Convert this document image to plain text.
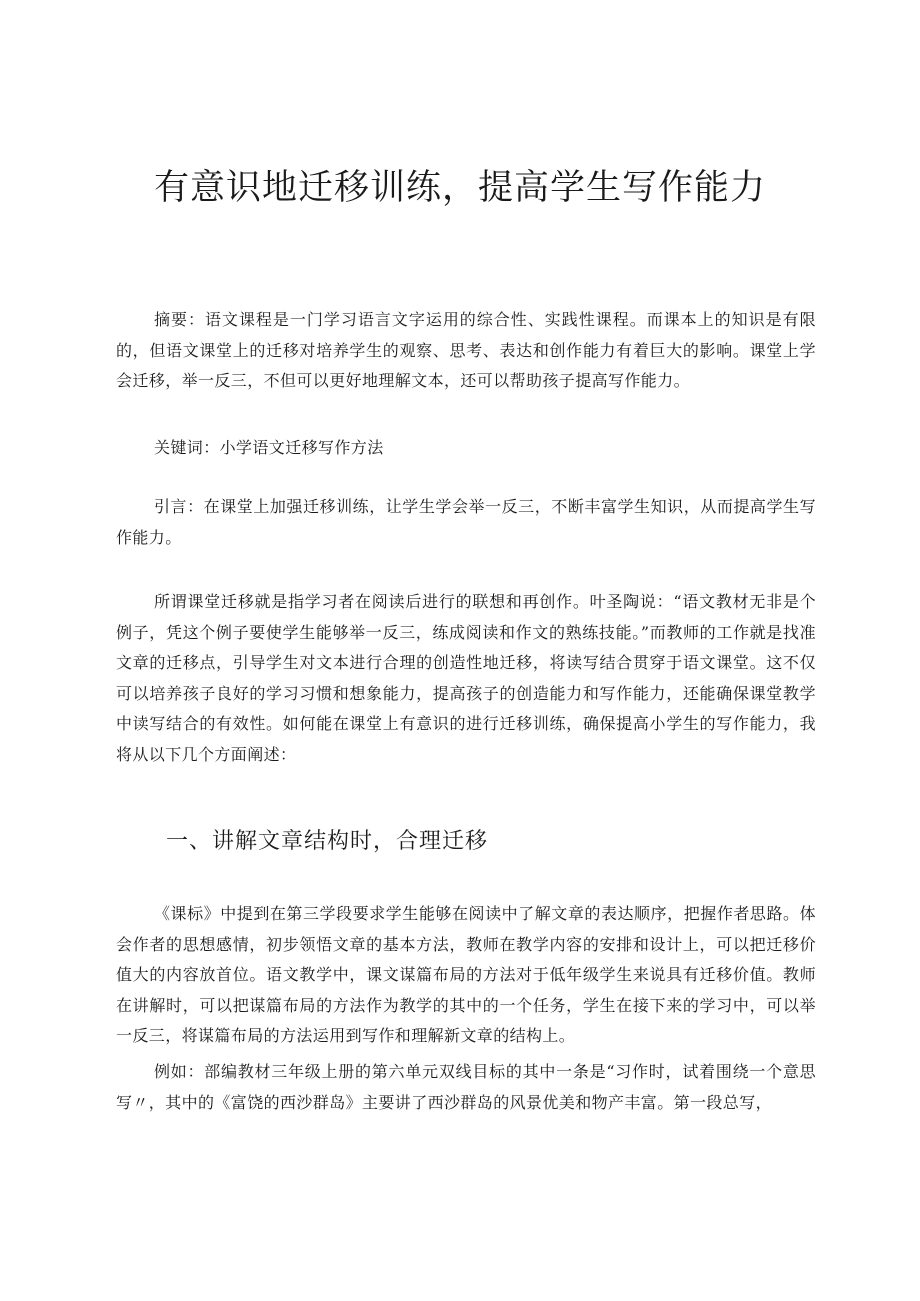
有意识地迁移训练，提高学生写作能力

摘要：语文课程是一门学习语言文字运用的综合性、实践性课程。而课本上的知识是有限的，但语文课堂上的迁移对培养学生的观察、思考、表达和创作能力有着巨大的影响。课堂上学会迁移，举一反三，不但可以更好地理解文本，还可以帮助孩子提高写作能力。

关键词：小学语文迁移写作方法

引言：在课堂上加强迁移训练，让学生学会举一反三，不断丰富学生知识，从而提高学生写作能力。

所谓课堂迁移就是指学习者在阅读后进行的联想和再创作。叶圣陶说：“语文教材无非是个例子，凭这个例子要使学生能够举一反三，练成阅读和作文的熟练技能。”而教师的工作就是找准文章的迁移点，引导学生对文本进行合理的创造性地迁移，将读写结合贯穿于语文课堂。这不仅可以培养孩子良好的学习习惯和想象能力，提高孩子的创造能力和写作能力，还能确保课堂教学中读写结合的有效性。如何能在课堂上有意识的进行迁移训练，确保提高小学生的写作能力，我将从以下几个方面阐述：

一、讲解文章结构时，合理迁移

《课标》中提到在第三学段要求学生能够在阅读中了解文章的表达顺序，把握作者思路。体会作者的思想感情，初步领悟文章的基本方法，教师在教学内容的安排和设计上，可以把迁移价值大的内容放首位。语文教学中，课文谋篇布局的方法对于低年级学生来说具有迁移价值。教师在讲解时，可以把谋篇布局的方法作为教学的其中的一个任务，学生在接下来的学习中，可以举一反三，将谋篇布局的方法运用到写作和理解新文章的结构上。

例如：部编教材三年级上册的第六单元双线目标的其中一条是“习作时，试着围绕一个意思写〃，其中的《富饶的西沙群岛》主要讲了西沙群岛的风景优美和物产丰富。第一段总写，
